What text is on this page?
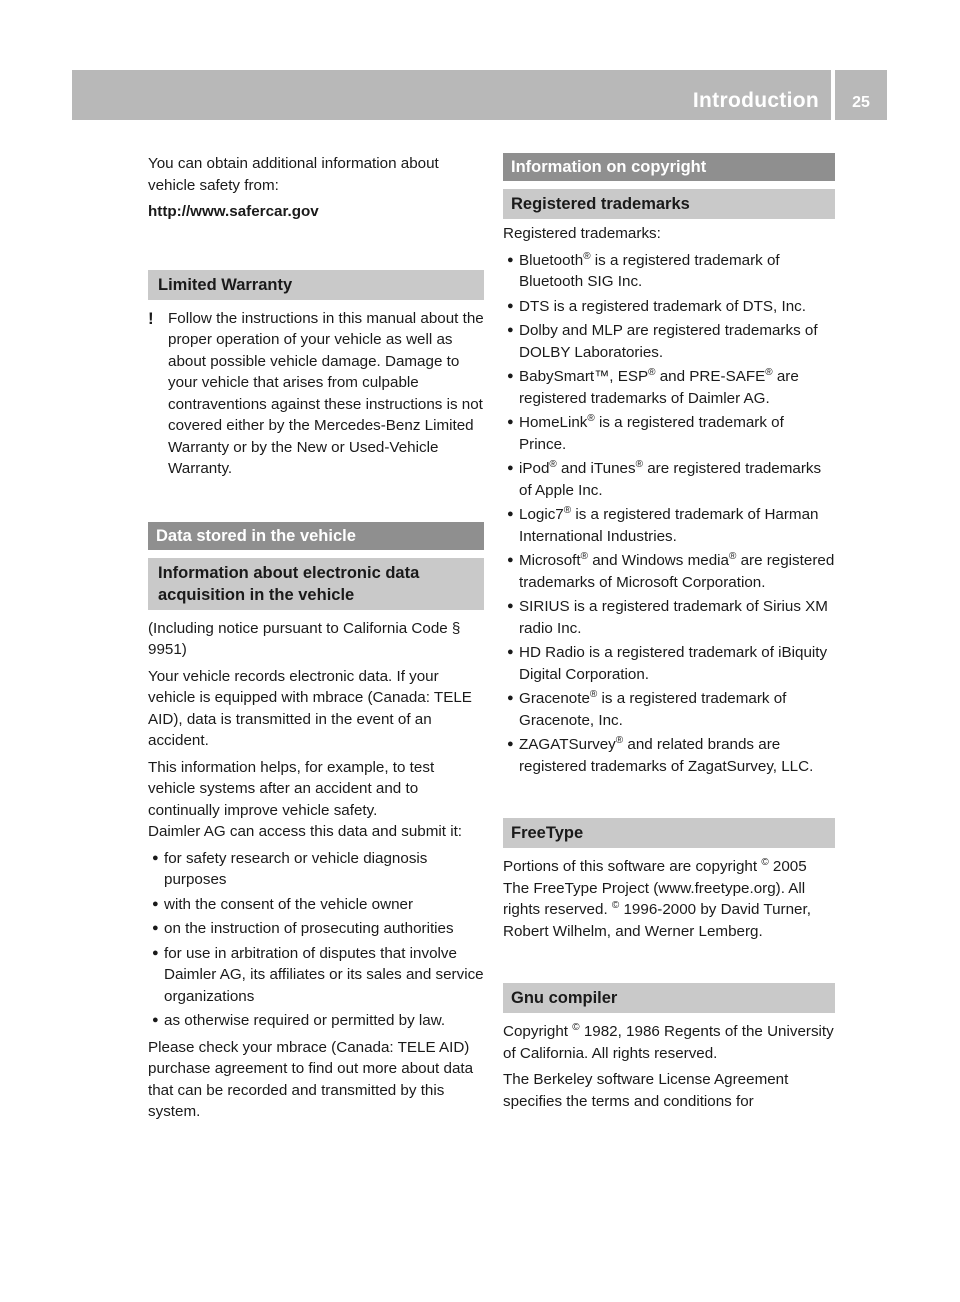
Introduction	25

You can obtain additional information about vehicle safety from:

http://www.safercar.gov

Limited Warranty
! Follow the instructions in this manual about the proper operation of your vehicle as well as about possible vehicle damage. Damage to your vehicle that arises from culpable contraventions against these instructions is not covered either by the Mercedes-Benz Limited Warranty or by the New or Used-Vehicle Warranty.
Data stored in the vehicle
Information about electronic data acquisition in the vehicle

(Including notice pursuant to California Code § 9951)

Your vehicle records electronic data. If your vehicle is equipped with mbrace (Canada: TELE AID), data is transmitted in the event of an accident.

This information helps, for example, to test vehicle systems after an accident and to continually improve vehicle safety.

Daimler AG can access this data and submit it:

● for safety research or vehicle diagnosis purposes
● with the consent of the vehicle owner
● on the instruction of prosecuting authorities
● for use in arbitration of disputes that involve Daimler AG, its affiliates or its sales and service organizations
● as otherwise required or permitted by law.

Please check your mbrace (Canada: TELE AID) purchase agreement to find out more about data that can be recorded and transmitted by this system.

Information on copyright
Registered trademarks

Registered trademarks:

● Bluetooth® is a registered trademark of Bluetooth SIG Inc.
● DTS is a registered trademark of DTS, Inc.
● Dolby and MLP are registered trademarks of DOLBY Laboratories.
● BabySmart™, ESP® and PRE-SAFE® are registered trademarks of Daimler AG.
● HomeLink® is a registered trademark of Prince.
● iPod® and iTunes® are registered trademarks of Apple Inc.
● Logic7® is a registered trademark of Harman International Industries.
● Microsoft® and Windows media® are registered trademarks of Microsoft Corporation.
● SIRIUS is a registered trademark of Sirius XM radio Inc.
● HD Radio is a registered trademark of iBiquity Digital Corporation.
● Gracenote® is a registered trademark of Gracenote, Inc.
● ZAGATSurvey® and related brands are registered trademarks of ZagatSurvey, LLC.
FreeType

Portions of this software are copyright © 2005 The FreeType Project (www.freetype.org). All rights reserved. © 1996-2000 by David Turner, Robert Wilhelm, and Werner Lemberg.

Gnu compiler

Copyright © 1982, 1986 Regents of the University of California. All rights reserved.

The Berkeley software License Agreement specifies the terms and conditions for
